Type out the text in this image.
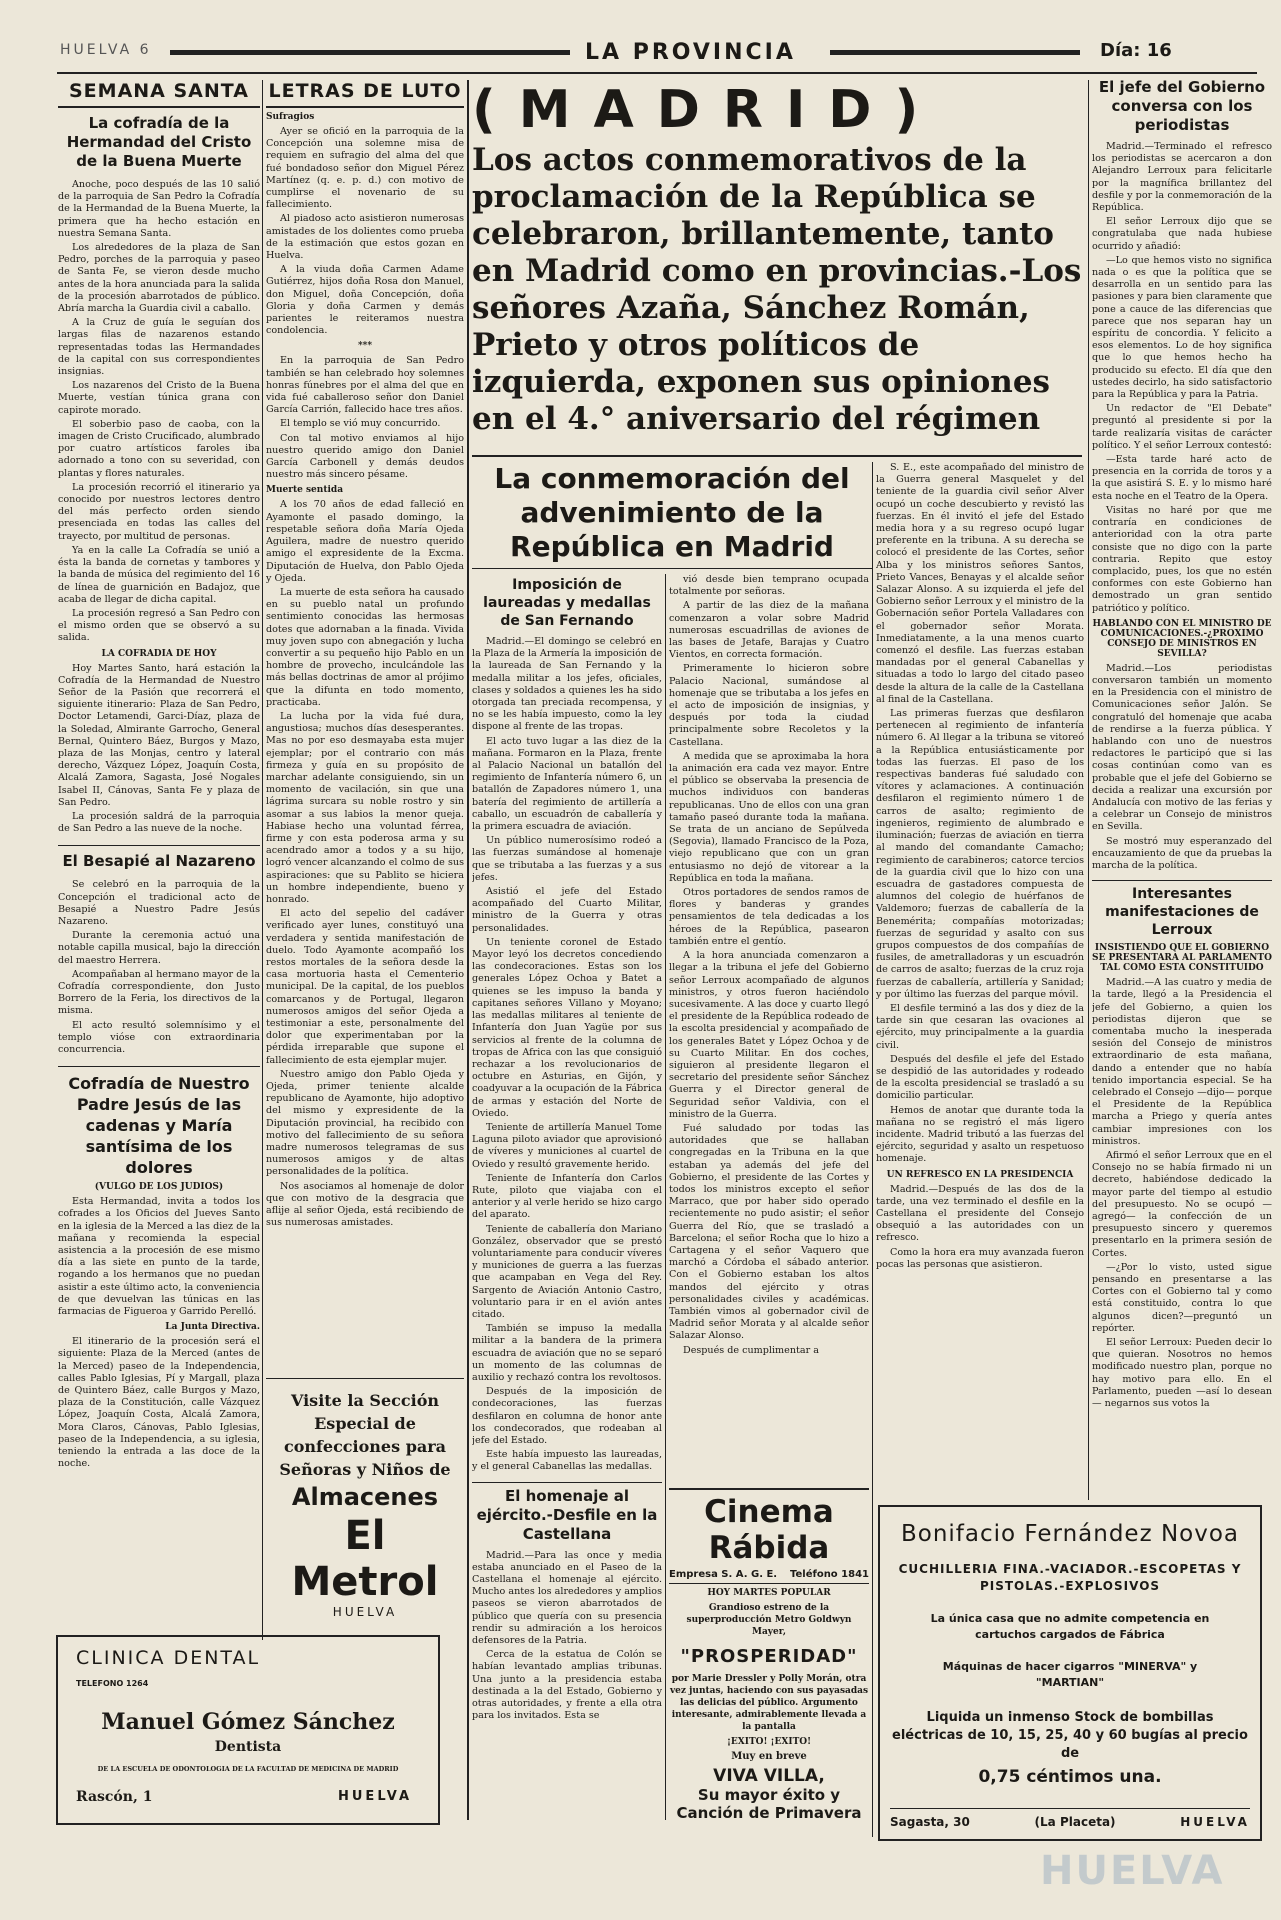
HUELVA 6	LA PROVINCIA	Día: 16
SEMANA SANTA
La cofradía de la Hermandad del Cristo de la Buena Muerte

Anoche, poco después de las 10 salió de la parroquia de San Pedro la Cofradía de la Hermandad de la Buena Muerte, la primera que ha hecho estación en nuestra Semana Santa.

Los alrededores de la plaza de San Pedro, porches de la parroquia y paseo de Santa Fe, se vieron desde mucho antes de la hora anunciada para la salida de la procesión abarrotados de público. Abría marcha la Guardia civil a caballo.

A la Cruz de guía le seguían dos largas filas de nazarenos estando representadas todas las Hermandades de la capital con sus correspondientes insignias.

Los nazarenos del Cristo de la Buena Muerte, vestían túnica grana con capirote morado.

El soberbio paso de caoba, con la imagen de Cristo Crucificado, alumbrado por cuatro artísticos faroles iba adornado a tono con su severidad, con plantas y flores naturales.

La procesión recorrió el itinerario ya conocido por nuestros lectores dentro del más perfecto orden siendo presenciada en todas las calles del trayecto, por multitud de personas.

Ya en la calle La Cofradía se unió a ésta la banda de cornetas y tambores y la banda de música del regimiento del 16 de línea de guarnición en Badajoz, que acaba de llegar de dicha capital.

La procesión regresó a San Pedro con el mismo orden que se observó a su salida.

LA COFRADIA DE HOY

Hoy Martes Santo, hará estación la Cofradía de la Hermandad de Nuestro Señor de la Pasión que recorrerá el siguiente itinerario: Plaza de San Pedro, Doctor Letamendi, Garci-Díaz, plaza de la Soledad, Almirante Garrocho, General Bernal, Quintero Báez, Burgos y Mazo, plaza de las Monjas, centro y lateral derecho, Vázquez López, Joaquín Costa, Alcalá Zamora, Sagasta, José Nogales Isabel II, Cánovas, Santa Fe y plaza de San Pedro.

La procesión saldrá de la parroquia de San Pedro a las nueve de la noche.

El Besapié al Nazareno

Se celebró en la parroquia de la Concepción el tradicional acto de Besapié a Nuestro Padre Jesús Nazareno.

Durante la ceremonia actuó una notable capilla musical, bajo la dirección del maestro Herrera.

Acompañaban al hermano mayor de la Cofradía correspondiente, don Justo Borrero de la Feria, los directivos de la misma.

El acto resultó solemnísimo y el templo vióse con extraordinaria concurrencia.

Cofradía de Nuestro Padre Jesús de las cadenas y María santísima de los dolores
(VULGO DE LOS JUDIOS)

Esta Hermandad, invita a todos los cofrades a los Oficios del Jueves Santo en la iglesia de la Merced a las diez de la mañana y recomienda la especial asistencia a la procesión de ese mismo día a las siete en punto de la tarde, rogando a los hermanos que no puedan asistir a este último acto, la conveniencia de que devuelvan las túnicas en las farmacias de Figueroa y Garrido Perelló.

La Junta Directiva.

El itinerario de la procesión será el siguiente: Plaza de la Merced (antes de la Merced) paseo de la Independencia, calles Pablo Iglesias, Pí y Margall, plaza de Quintero Báez, calle Burgos y Mazo, plaza de la Constitución, calle Vázquez López, Joaquín Costa, Alcalá Zamora, Mora Claros, Cánovas, Pablo Iglesias, paseo de la Independencia, a su iglesia, teniendo la entrada a las doce de la noche.

LETRAS DE LUTO
Sufragios

Ayer se ofició en la parroquia de la Concepción una solemne misa de requiem en sufragio del alma del que fué bondadoso señor don Miguel Pérez Martínez (q. e. p. d.) con motivo de cumplirse el novenario de su fallecimiento.

Al piadoso acto asistieron numerosas amistades de los dolientes como prueba de la estimación que estos gozan en Huelva.

A la viuda doña Carmen Adame Gutiérrez, hijos doña Rosa don Manuel, don Miguel, doña Concepción, doña Gloria y doña Carmen y demás parientes le reiteramos nuestra condolencia.

***

En la parroquia de San Pedro también se han celebrado hoy solemnes honras fúnebres por el alma del que en vida fué caballeroso señor don Daniel García Carrión, fallecido hace tres años.

El templo se vió muy concurrido.

Con tal motivo enviamos al hijo nuestro querido amigo don Daniel García Carbonell y demás deudos nuestro más sincero pésame.

Muerte sentida

A los 70 años de edad falleció en Ayamonte el pasado domingo, la respetable señora doña María Ojeda Aguilera, madre de nuestro querido amigo el expresidente de la Excma. Diputación de Huelva, don Pablo Ojeda y Ojeda.

La muerte de esta señora ha causado en su pueblo natal un profundo sentimiento conocidas las hermosas dotes que adornaban a la finada. Vivida muy joven supo con abnegación y lucha convertir a su pequeño hijo Pablo en un hombre de provecho, inculcándole las más bellas doctrinas de amor al prójimo que la difunta en todo momento, practicaba.

La lucha por la vida fué dura, angustiosa; muchos días desesperantes. Mas no por eso desmayaba esta mujer ejemplar; por el contrario con más firmeza y guía en su propósito de marchar adelante consiguiendo, sin un momento de vacilación, sin que una lágrima surcara su noble rostro y sin asomar a sus labios la menor queja. Habiase hecho una voluntad férrea, firme y con esta poderosa arma y su acendrado amor a todos y a su hijo, logró vencer alcanzando el colmo de sus aspiraciones: que su Pablito se hiciera un hombre independiente, bueno y honrado.

El acto del sepelio del cadáver verificado ayer lunes, constituyó una verdadera y sentida manifestación de duelo. Todo Ayamonte acompañó los restos mortales de la señora desde la casa mortuoria hasta el Cementerio municipal. De la capital, de los pueblos comarcanos y de Portugal, llegaron numerosos amigos del señor Ojeda a testimoniar a este, personalmente del dolor que experimentaban por la pérdida irreparable que supone el fallecimiento de esta ejemplar mujer.

Nuestro amigo don Pablo Ojeda y Ojeda, primer teniente alcalde republicano de Ayamonte, hijo adoptivo del mismo y expresidente de la Diputación provincial, ha recibido con motivo del fallecimiento de su señora madre numerosos telegramas de sus numerosos amigos y de altas personalidades de la política.

Nos asociamos al homenaje de dolor que con motivo de la desgracia que aflije al señor Ojeda, está recibiendo de sus numerosas amistades.

Visite la Sección Especial de confecciones para Señoras y Niños de
Almacenes
El Metrol
HUELVA
CLINICA DENTAL
TELEFONO 1264
Manuel Gómez Sánchez
Dentista
DE LA ESCUELA DE ODONTOLOGIA DE LA FACULTAD DE MEDICINA DE MADRID
Rascón, 1	HUELVA
(MADRID)
Los actos conmemorativos de la proclamación de la República se celebraron, brillantemente, tanto en Madrid como en provincias.-Los señores Azaña, Sánchez Román, Prieto y otros políticos de izquierda, exponen sus opiniones en el 4.° aniversario del régimen
La conmemoración del advenimiento de la República en Madrid
Imposición de laureadas y medallas de San Fernando

Madrid.—El domingo se celebró en la Plaza de la Armería la imposición de la laureada de San Fernando y la medalla militar a los jefes, oficiales, clases y soldados a quienes les ha sido otorgada tan preciada recompensa, y no se les había impuesto, como la ley dispone al frente de las tropas.

El acto tuvo lugar a las diez de la mañana. Formaron en la Plaza, frente al Palacio Nacional un batallón del regimiento de Infantería número 6, un batallón de Zapadores número 1, una batería del regimiento de artillería a caballo, un escuadrón de caballería y la primera escuadra de aviación.

Un público numerosísimo rodeó a las fuerzas sumándose al homenaje que se tributaba a las fuerzas y a sus jefes.

Asistió el jefe del Estado acompañado del Cuarto Militar, ministro de la Guerra y otras personalidades.

Un teniente coronel de Estado Mayor leyó los decretos concediendo las condecoraciones. Estas son los generales López Ochoa y Batet a quienes se les impuso la banda y capitanes señores Villano y Moyano; las medallas militares al teniente de Infantería don Juan Yagüe por sus servicios al frente de la columna de tropas de Africa con las que consiguió rechazar a los revolucionarios de octubre en Asturias, en Gijón, y coadyuvar a la ocupación de la Fábrica de armas y estación del Norte de Oviedo.

Teniente de artillería Manuel Tome Laguna piloto aviador que aprovisionó de víveres y municiones al cuartel de Oviedo y resultó gravemente herido.

Teniente de Infantería don Carlos Rute, piloto que viajaba con el anterior y al verle herido se hizo cargo del aparato.

Teniente de caballería don Mariano González, observador que se prestó voluntariamente para conducir víveres y municiones de guerra a las fuerzas que acampaban en Vega del Rey. Sargento de Aviación Antonio Castro, voluntario para ir en el avión antes citado.

También se impuso la medalla militar a la bandera de la primera escuadra de aviación que no se separó un momento de las columnas de auxilio y rechazó contra los revoltosos.

Después de la imposición de condecoraciones, las fuerzas desfilaron en columna de honor ante los condecorados, que rodeaban al jefe del Estado.

Este había impuesto las laureadas, y el general Cabanellas las medallas.

El homenaje al ejército.-Desfile en la Castellana

Madrid.—Para las once y media estaba anunciado en el Paseo de la Castellana el homenaje al ejército. Mucho antes los alrededores y amplios paseos se vieron abarrotados de público que quería con su presencia rendir su admiración a los heroicos defensores de la Patria.

Cerca de la estatua de Colón se habían levantado amplias tribunas. Una junto a la presidencia estaba destinada a la del Estado, Gobierno y otras autoridades, y frente a ella otra para los invitados. Esta se

vió desde bien temprano ocupada totalmente por señoras.

A partir de las diez de la mañana comenzaron a volar sobre Madrid numerosas escuadrillas de aviones de las bases de Jetafe, Barajas y Cuatro Vientos, en correcta formación.

Primeramente lo hicieron sobre Palacio Nacional, sumándose al homenaje que se tributaba a los jefes en el acto de imposición de insignias, y después por toda la ciudad principalmente sobre Recoletos y la Castellana.

A medida que se aproximaba la hora la animación era cada vez mayor. Entre el público se observaba la presencia de muchos individuos con banderas republicanas. Uno de ellos con una gran tamaño paseó durante toda la mañana. Se trata de un anciano de Sepúlveda (Segovia), llamado Francisco de la Poza, viejo republicano que con un gran entusiasmo no dejó de vitorear a la República en toda la mañana.

Otros portadores de sendos ramos de flores y banderas y grandes pensamientos de tela dedicadas a los héroes de la República, pasearon también entre el gentío.

A la hora anunciada comenzaron a llegar a la tribuna el jefe del Gobierno señor Lerroux acompañado de algunos ministros, y otros fueron haciéndolo sucesivamente. A las doce y cuarto llegó el presidente de la República rodeado de la escolta presidencial y acompañado de los generales Batet y López Ochoa y de su Cuarto Militar. En dos coches, siguieron al presidente llegaron el secretario del presidente señor Sánchez Guerra y el Director general de Seguridad señor Valdivia, con el ministro de la Guerra.

Fué saludado por todas las autoridades que se hallaban congregadas en la Tribuna en la que estaban ya además del jefe del Gobierno, el presidente de las Cortes y todos los ministros excepto el señor Marraco, que por haber sido operado recientemente no pudo asistir; el señor Guerra del Río, que se trasladó a Barcelona; el señor Rocha que lo hizo a Cartagena y el señor Vaquero que marchó a Córdoba el sábado anterior. Con el Gobierno estaban los altos mandos del ejército y otras personalidades civiles y académicas. También vimos al gobernador civil de Madrid señor Morata y al alcalde señor Salazar Alonso.

Después de cumplimentar a

Cinema Rábida
Empresa S. A. G. E. Teléfono 1841
HOY MARTES POPULAR
Grandioso estreno de la superproducción Metro Goldwyn Mayer,
"PROSPERIDAD"
por Marie Dressler y Polly Morán, otra vez juntas, haciendo con sus payasadas las delicias del público. Argumento interesante, admirablemente llevada a la pantalla
¡EXITO! ¡EXITO!
Muy en breve
VIVA VILLA,
Su mayor éxito y
Canción de Primavera

S. E., este acompañado del ministro de la Guerra general Masquelet y del teniente de la guardia civil señor Alver ocupó un coche descubierto y revistó las fuerzas. En él invitó el jefe del Estado media hora y a su regreso ocupó lugar preferente en la tribuna. A su derecha se colocó el presidente de las Cortes, señor Alba y los ministros señores Santos, Prieto Vances, Benayas y el alcalde señor Salazar Alonso. A su izquierda el jefe del Gobierno señor Lerroux y el ministro de la Gobernación señor Portela Valladares con el gobernador señor Morata. Inmediatamente, a la una menos cuarto comenzó el desfile. Las fuerzas estaban mandadas por el general Cabanellas y situadas a todo lo largo del citado paseo desde la altura de la calle de la Castellana al final de la Castellana.

Las primeras fuerzas que desfilaron pertenecen al regimiento de infantería número 6. Al llegar a la tribuna se vitoreó a la República entusiásticamente por todas las fuerzas. El paso de los respectivas banderas fué saludado con vítores y aclamaciones. A continuación desfilaron el regimiento número 1 de carros de asalto; regimiento de ingenieros, regimiento de alumbrado e iluminación; fuerzas de aviación en tierra al mando del comandante Camacho; regimiento de carabineros; catorce tercios de la guardia civil que lo hizo con una escuadra de gastadores compuesta de alumnos del colegio de huérfanos de Valdemoro; fuerzas de caballería de la Benemérita; compañías motorizadas; fuerzas de seguridad y asalto con sus grupos compuestos de dos compañías de fusiles, de ametralladoras y un escuadrón de carros de asalto; fuerzas de la cruz roja fuerzas de caballería, artillería y Sanidad; y por último las fuerzas del parque móvil.

El desfile terminó a las dos y diez de la tarde sin que cesaran las ovaciones al ejército, muy principalmente a la guardia civil.

Después del desfile el jefe del Estado se despidió de las autoridades y rodeado de la escolta presidencial se trasladó a su domicilio particular.

Hemos de anotar que durante toda la mañana no se registró el más ligero incidente. Madrid tributó a las fuerzas del ejército, seguridad y asalto un respetuoso homenaje.

UN REFRESCO EN LA PRESIDENCIA

Madrid.—Después de las dos de la tarde, una vez terminado el desfile en la Castellana el presidente del Consejo obsequió a las autoridades con un refresco.

Como la hora era muy avanzada fueron pocas las personas que asistieron.

El jefe del Gobierno conversa con los periodistas

Madrid.—Terminado el refresco los periodistas se acercaron a don Alejandro Lerroux para felicitarle por la magnífica brillantez del desfile y por la conmemoración de la República.

El señor Lerroux dijo que se congratulaba que nada hubiese ocurrido y añadió:

—Lo que hemos visto no significa nada o es que la política que se desarrolla en un sentido para las pasiones y para bien claramente que pone a cauce de las diferencias que parece que nos separan hay un espíritu de concordia. Y felicito a esos elementos. Lo de hoy significa que lo que hemos hecho ha producido su efecto. El día que den ustedes decirlo, ha sido satisfactorio para la República y para la Patria.

Un redactor de "El Debate" preguntó al presidente si por la tarde realizaría visitas de carácter político. Y el señor Lerroux contestó:

—Esta tarde haré acto de presencia en la corrida de toros y a la que asistirá S. E. y lo mismo haré esta noche en el Teatro de la Opera.

Visitas no haré por que me contraría en condiciones de anterioridad con la otra parte consiste que no digo con la parte contraria. Repito que estoy complacido, pues, los que no estén conformes con este Gobierno han demostrado un gran sentido patriótico y político.

HABLANDO CON EL MINISTRO DE COMUNICACIONES.-¿PROXIMO CONSEJO DE MINISTROS EN SEVILLA?

Madrid.—Los periodistas conversaron también un momento en la Presidencia con el ministro de Comunicaciones señor Jalón. Se congratuló del homenaje que acaba de rendirse a la fuerza pública. Y hablando con uno de nuestros redactores le participó que si las cosas continúan como van es probable que el jefe del Gobierno se decida a realizar una excursión por Andalucía con motivo de las ferias y a celebrar un Consejo de ministros en Sevilla.

Se mostró muy esperanzado del encauzamiento de que da pruebas la marcha de la política.

Interesantes manifestaciones de Lerroux
INSISTIENDO QUE EL GOBIERNO SE PRESENTARA AL PARLAMENTO TAL COMO ESTA CONSTITUIDO

Madrid.—A las cuatro y media de la tarde, llegó a la Presidencia el jefe del Gobierno, a quien los periodistas dijeron que se comentaba mucho la inesperada sesión del Consejo de ministros extraordinario de esta mañana, dando a entender que no había tenido importancia especial. Se ha celebrado el Consejo —dijo— porque el Presidente de la República marcha a Priego y quería antes cambiar impresiones con los ministros.

Afirmó el señor Lerroux que en el Consejo no se había firmado ni un decreto, habiéndose dedicado la mayor parte del tiempo al estudio del presupuesto. No se ocupó —agregó— la confección de un presupuesto sincero y queremos presentarlo en la primera sesión de Cortes.

—¿Por lo visto, usted sigue pensando en presentarse a las Cortes con el Gobierno tal y como está constituido, contra lo que algunos dicen?—preguntó un repórter.

El señor Lerroux: Pueden decir lo que quieran. Nosotros no hemos modificado nuestro plan, porque no hay motivo para ello. En el Parlamento, pueden —así lo desean— negarnos sus votos la

Bonifacio Fernández Novoa
CUCHILLERIA FINA.-VACIADOR.-ESCOPETAS Y PISTOLAS.-EXPLOSIVOS
La única casa que no admite competencia en cartuchos cargados de Fábrica
Máquinas de hacer cigarros "MINERVA" y "MARTIAN"
Liquida un inmenso Stock de bombillas eléctricas de 10, 15, 25, 40 y 60 bugías al precio de
0,75 céntimos una.
Sagasta, 30	(La Placeta)	HUELVA
HUELVA
